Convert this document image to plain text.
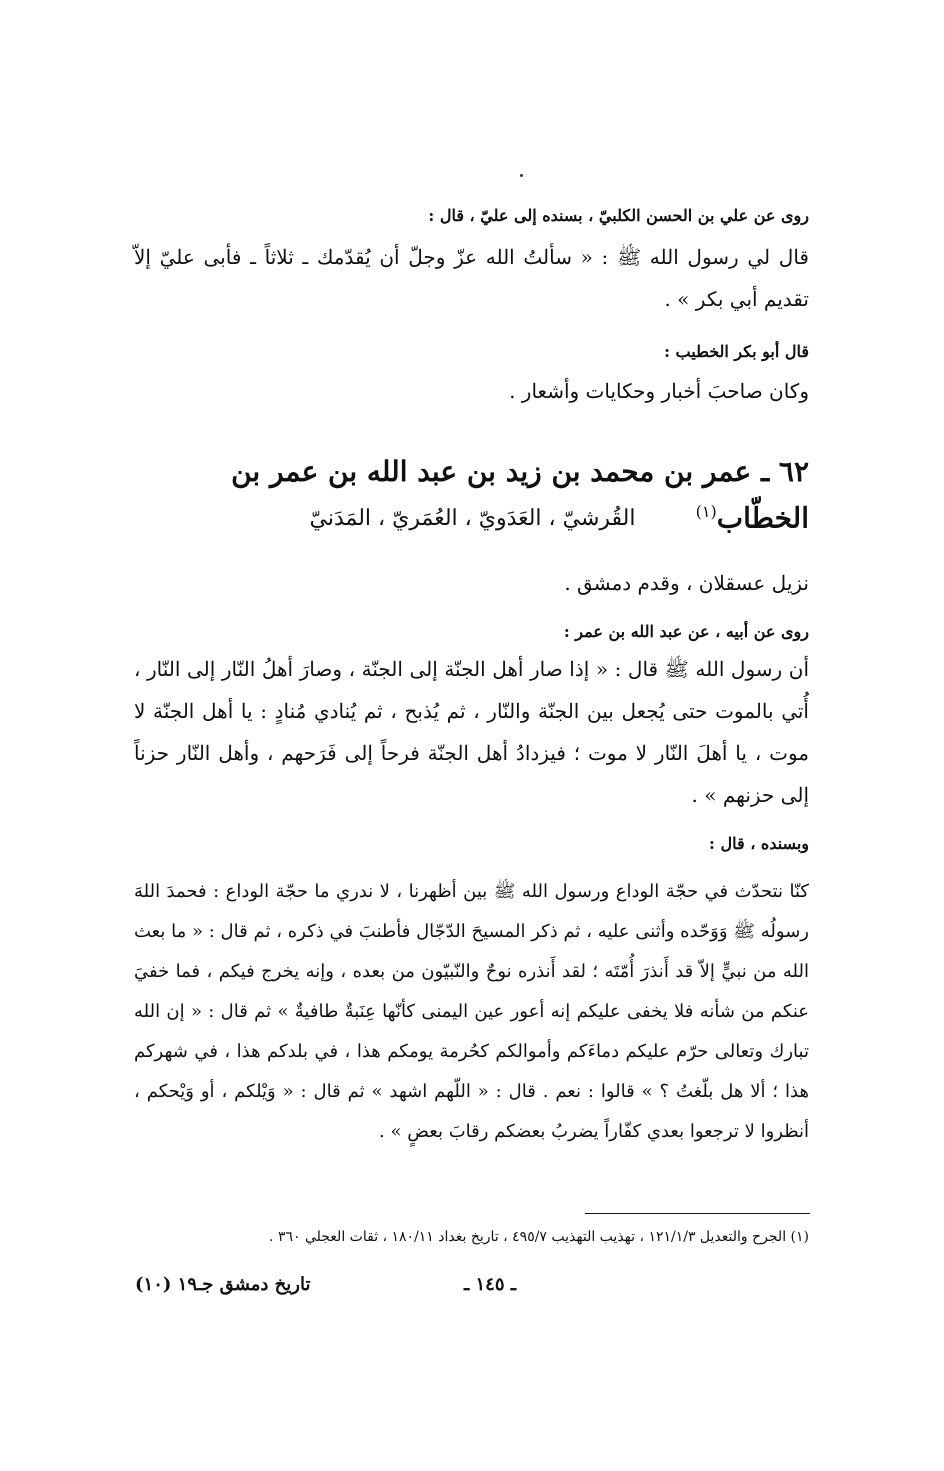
روى عن علي بن الحسن الكلبيّ ، بسنده إلى عليّ ، قال :

قال لي رسول الله ﷺ : « سألتُ الله عزّ وجلّ أن يُقدّمك ـ ثلاثاً ـ فأبى عليّ إلاّ تقديم أبي بكر » .

قال أبو بكر الخطيب :

وكان صاحبَ أخبار وحكايات وأشعار .

٦٢ ـ عمر بن محمد بن زيد بن عبد الله بن عمر بن الخطّاب$^{(١)}$

القُرشيّ ، العَدَويّ ، العُمَريّ ، المَدَنيّ

نزيل عسقلان ، وقدم دمشق .

روى عن أبيه ، عن عبد الله بن عمر :

أن رسول الله ﷺ قال : « إذا صار أهل الجنّة إلى الجنّة ، وصارَ أهلُ النّار إلى النّار ، أُتي بالموت حتى يُجعل بين الجنّة والنّار ، ثم يُذبح ، ثم يُنادي مُنادٍ : يا أهل الجنّة لا موت ، يا أهلَ النّار لا موت ؛ فيزدادُ أهل الجنّة فرحاً إلى فَرَحهم ، وأهل النّار حزناً إلى حزنهم » .

وبسنده ، قال :

كنّا نتحدّث في حجّة الوداع ورسول الله ﷺ بين أظهرنا ، لا ندري ما حجّة الوداع : فحمدَ اللهَ رسولُه ﷺ وَوَحّده وأثنى عليه ، ثم ذكر المسيحَ الدّجّال فأطنبَ في ذكره ، ثم قال : « ما بعث الله من نبيٍّ إلاّ قد أَنذرَ أُمّتَه ؛ لقد أَنذره نوحٌ والنّبيّون من بعده ، وإنه يخرج فيكم ، فما خفيَ عنكم من شأنه فلا يخفى عليكم إنه أعور عين اليمنى كأنّها عِنَبةٌ طافيةٌ » ثم قال : « إن الله تبارك وتعالى حرّم عليكم دماءَكم وأموالكم كحُرمة يومكم هذا ، في بلدكم هذا ، في شهركم هذا ؛ ألا هل بلّغتُ ؟ » قالوا : نعم . قال : « اللّهم اشهد » ثم قال : « وَيْلكم ، أو وَيْحكم ، أنظروا لا ترجعوا بعدي كفّاراً يضربُ بعضكم رقابَ بعضٍ » .

(١) الجرح والتعديل ١٢١/١/٣ ، تهذيب التهذيب ٤٩٥/٧ ، تاريخ بغداد ١٨٠/١١ ، ثقات العجلي ٣٦٠ .

ـ ١٤٥ ـ
تاريخ دمشق جـ١٩ (١٠)
